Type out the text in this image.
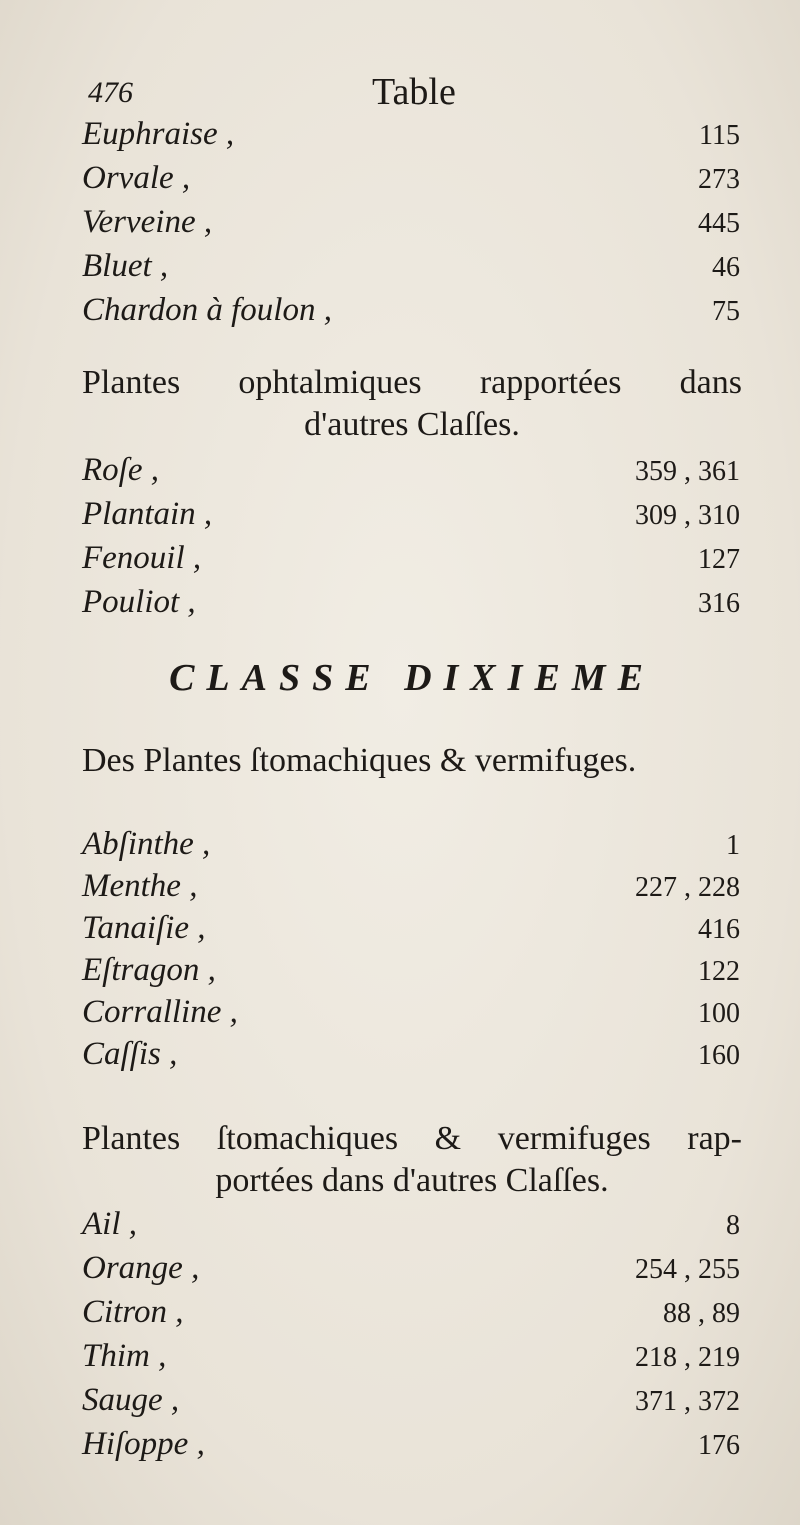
476	Table
Euphraise ,	115
Orvale ,	273
Verveine ,	445
Bluet ,	46
Chardon à foulon ,	75
Plantes ophtalmiques rapportées dans
d'autres Claſſes.
Roſe ,	359 , 361
Plantain ,	309 , 310
Fenouil ,	127
Pouliot ,	316
CLASSE DIXIEME
Des Plantes ſtomachiques & vermifuges.
Abſinthe ,	1
Menthe ,	227 , 228
Tanaiſie ,	416
Eſtragon ,	122
Corralline ,	100
Caſſis ,	160
Plantes ſtomachiques & vermifuges rap-
portées dans d'autres Claſſes.
Ail ,	8
Orange ,	254 , 255
Citron ,	88 , 89
Thim ,	218 , 219
Sauge ,	371 , 372
Hiſoppe ,	176
